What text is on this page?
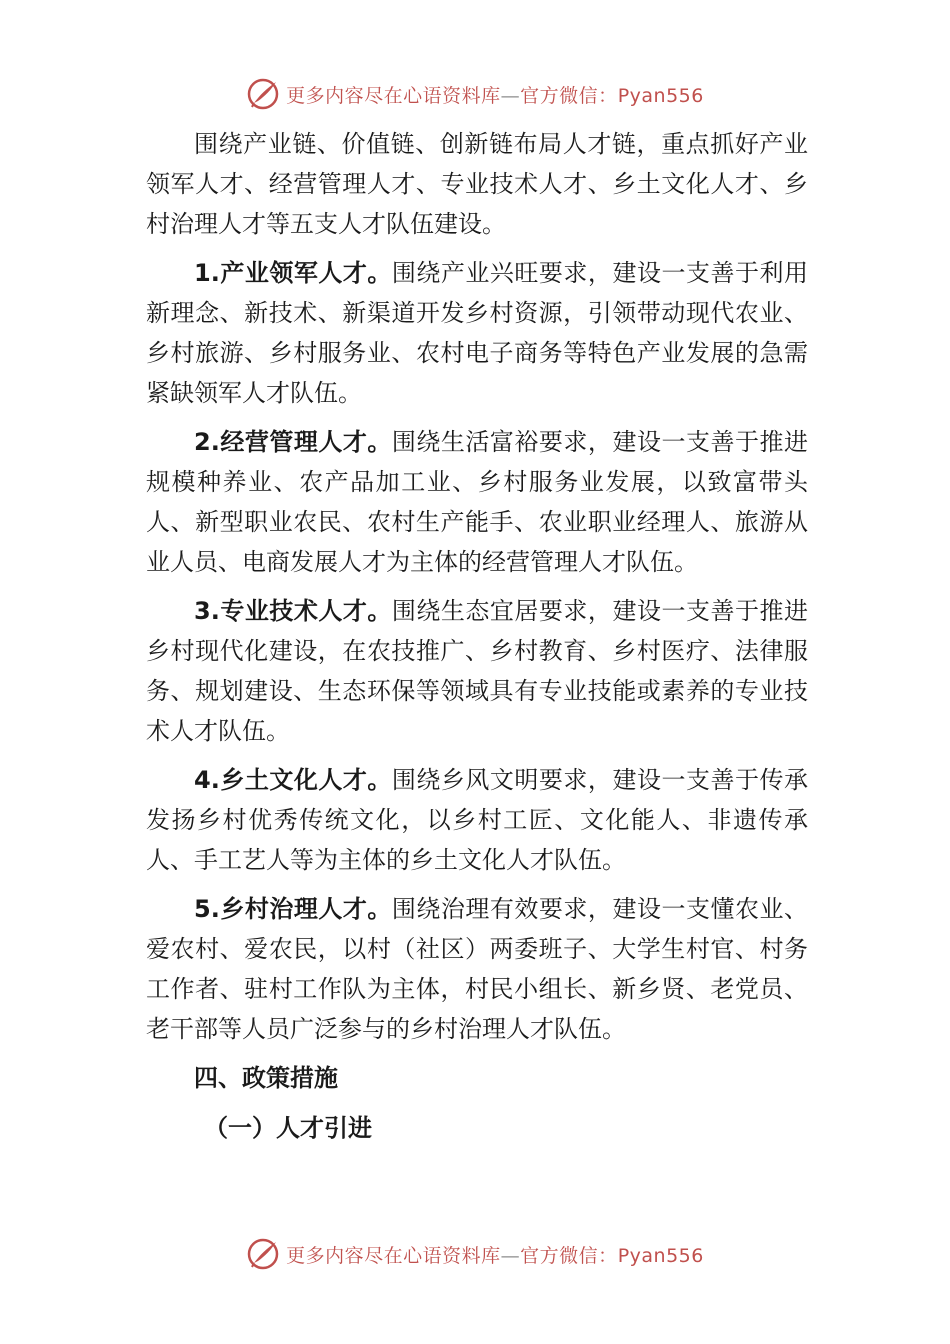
更多内容尽在心语资料库—官方微信：Pyan556

围绕产业链、价值链、创新链布局人才链，重点抓好产业领军人才、经营管理人才、专业技术人才、乡土文化人才、乡村治理人才等五支人才队伍建设。

1.产业领军人才。围绕产业兴旺要求，建设一支善于利用新理念、新技术、新渠道开发乡村资源，引领带动现代农业、乡村旅游、乡村服务业、农村电子商务等特色产业发展的急需紧缺领军人才队伍。

2.经营管理人才。围绕生活富裕要求，建设一支善于推进规模种养业、农产品加工业、乡村服务业发展，以致富带头人、新型职业农民、农村生产能手、农业职业经理人、旅游从业人员、电商发展人才为主体的经营管理人才队伍。

3.专业技术人才。围绕生态宜居要求，建设一支善于推进乡村现代化建设，在农技推广、乡村教育、乡村医疗、法律服务、规划建设、生态环保等领域具有专业技能或素养的专业技术人才队伍。

4.乡土文化人才。围绕乡风文明要求，建设一支善于传承发扬乡村优秀传统文化，以乡村工匠、文化能人、非遗传承人、手工艺人等为主体的乡土文化人才队伍。

5.乡村治理人才。围绕治理有效要求，建设一支懂农业、爱农村、爱农民，以村（社区）两委班子、大学生村官、村务工作者、驻村工作队为主体，村民小组长、新乡贤、老党员、老干部等人员广泛参与的乡村治理人才队伍。

四、政策措施
（一）人才引进
更多内容尽在心语资料库—官方微信：Pyan556
